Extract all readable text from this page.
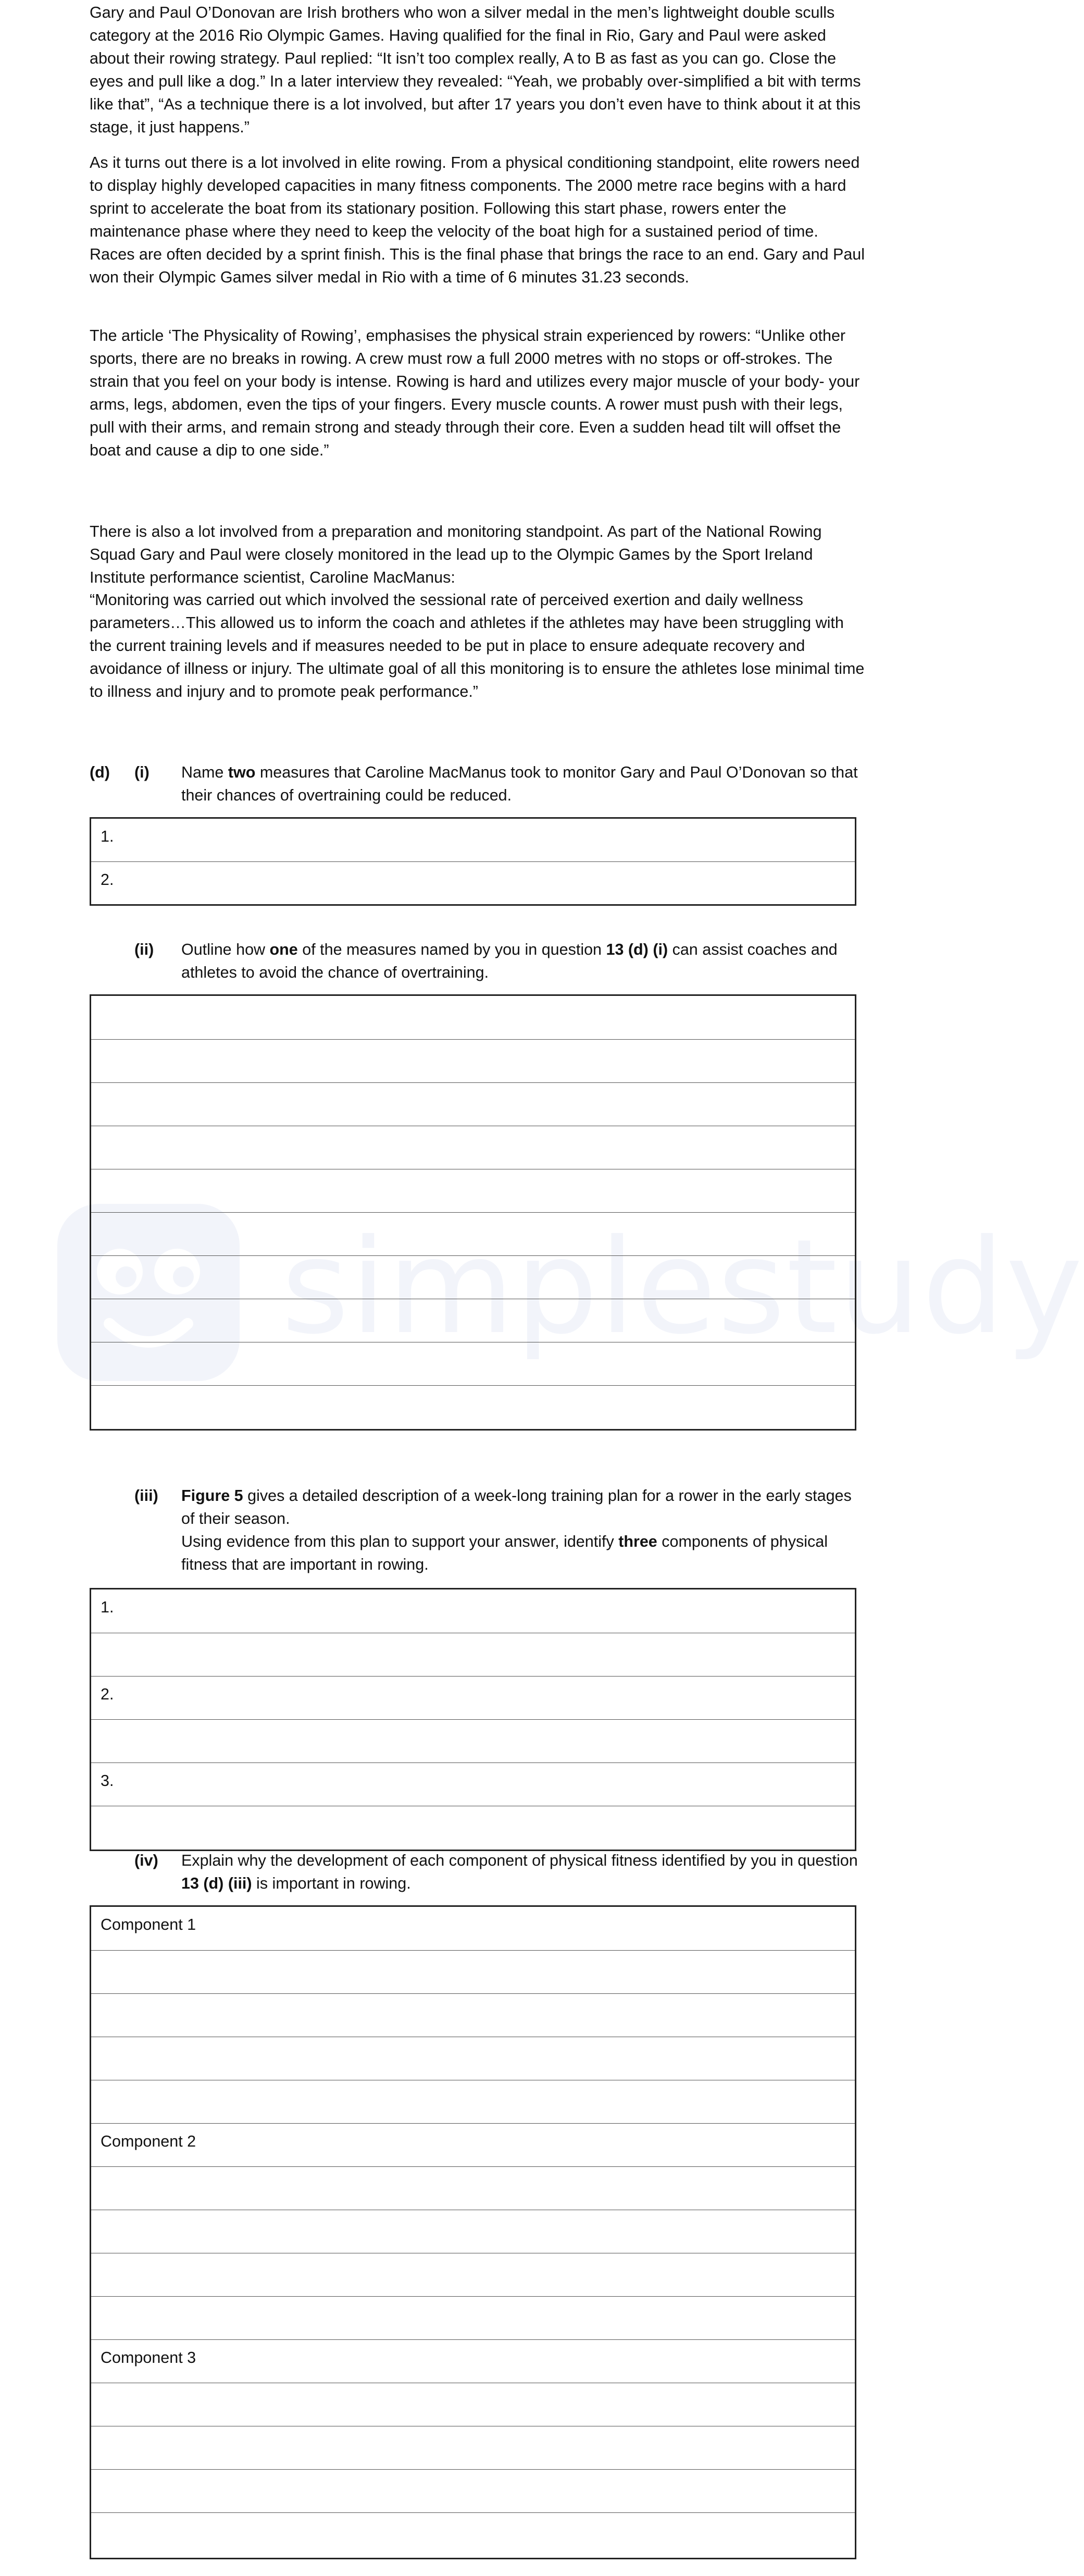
simplestudy

Gary and Paul O’Donovan are Irish brothers who won a silver medal in the men’s lightweight double sculls category at the 2016 Rio Olympic Games. Having qualified for the final in Rio, Gary and Paul were asked about their rowing strategy. Paul replied: “It isn’t too complex really, A to B as fast as you can go. Close the eyes and pull like a dog.” In a later interview they revealed: “Yeah, we probably over-simplified a bit with terms like that”, “As a technique there is a lot involved, but after 17 years you don’t even have to think about it at this stage, it just happens.”

As it turns out there is a lot involved in elite rowing. From a physical conditioning standpoint, elite rowers need to display highly developed capacities in many fitness components. The 2000 metre race begins with a hard sprint to accelerate the boat from its stationary position. Following this start phase, rowers enter the maintenance phase where they need to keep the velocity of the boat high for a sustained period of time. Races are often decided by a sprint finish. This is the final phase that brings the race to an end. Gary and Paul won their Olympic Games silver medal in Rio with a time of 6 minutes 31.23 seconds.

The article ‘The Physicality of Rowing’, emphasises the physical strain experienced by rowers: “Unlike other sports, there are no breaks in rowing. A crew must row a full 2000 metres with no stops or off-strokes. The strain that you feel on your body is intense. Rowing is hard and utilizes every major muscle of your body- your arms, legs, abdomen, even the tips of your fingers. Every muscle counts. A rower must push with their legs, pull with their arms, and remain strong and steady through their core. Even a sudden head tilt will offset the boat and cause a dip to one side.”

There is also a lot involved from a preparation and monitoring standpoint. As part of the National Rowing Squad Gary and Paul were closely monitored in the lead up to the Olympic Games by the Sport Ireland Institute performance scientist, Caroline MacManus:

“Monitoring was carried out which involved the sessional rate of perceived exertion and daily wellness parameters…This allowed us to inform the coach and athletes if the athletes may have been struggling with the current training levels and if measures needed to be put in place to ensure adequate recovery and avoidance of illness or injury. The ultimate goal of all this monitoring is to ensure the athletes lose minimal time to illness and injury and to promote peak performance.”

(d) (i) Name two measures that Caroline MacManus took to monitor Gary and Paul O’Donovan so that their chances of overtraining could be reduced.
1.
2.
(ii) Outline how one of the measures named by you in question 13 (d) (i) can assist coaches and athletes to avoid the chance of overtraining.
(iii) Figure 5 gives a detailed description of a week-long training plan for a rower in the early stages of their season.
Using evidence from this plan to support your answer, identify three components of physical fitness that are important in rowing.
1.
2.
3.
(iv) Explain why the development of each component of physical fitness identified by you in question 13 (d) (iii) is important in rowing.
Component 1
Component 2
Component 3
